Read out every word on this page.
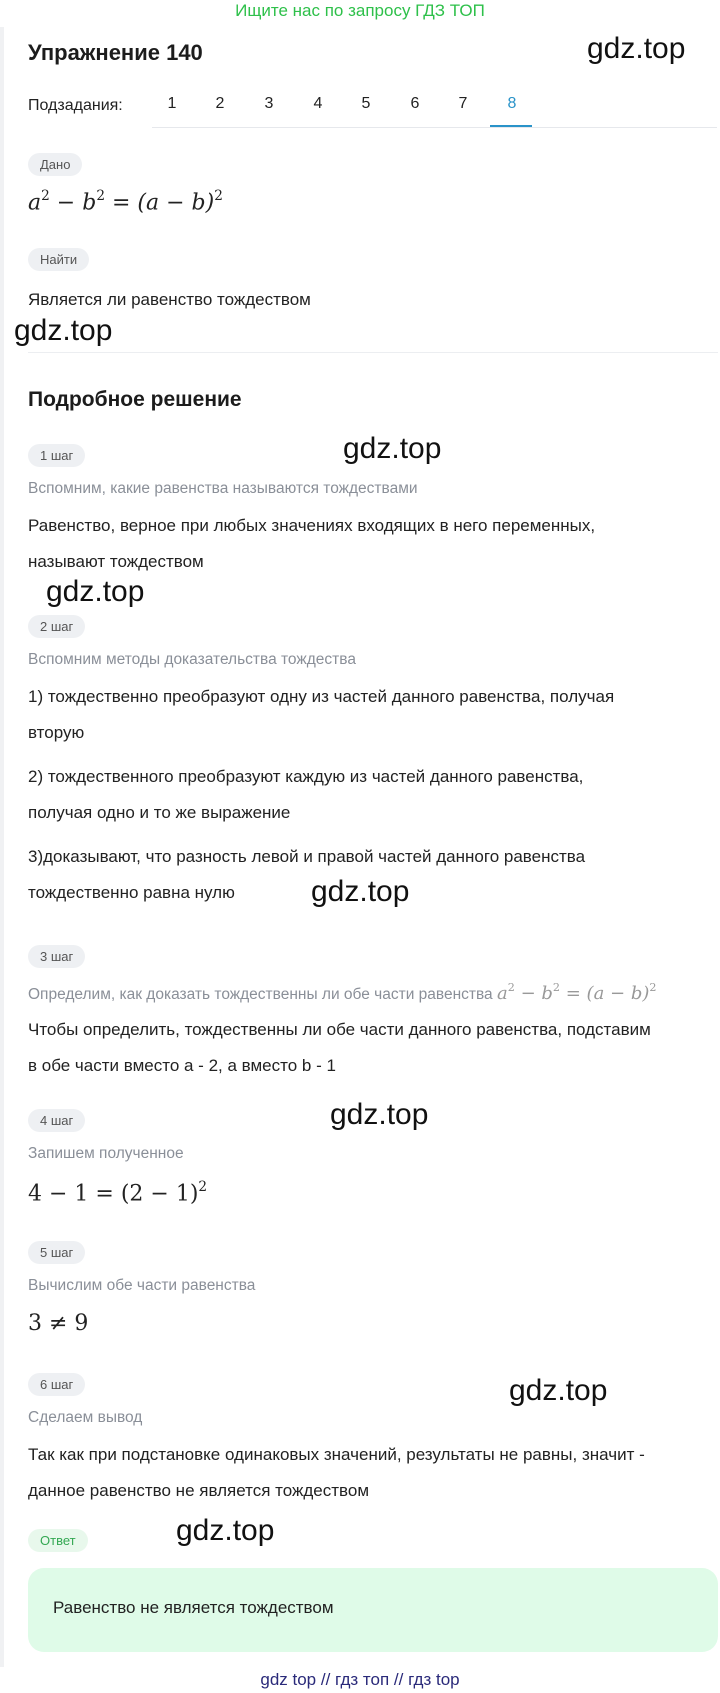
Ищите нас по запросу ГДЗ ТОП
Упражнение 140	gdz.top
Подзадания:	1	2	3	4	5	6	7	8
Дано
$a^2 - b^2 = (a - b)^2$
Найти
Является ли равенство тождеством
gdz.top
Подробное решение
gdz.top
1 шаг
Вспомним, какие равенства называются тождествами
Равенство, верное при любых значениях входящих в него переменных,
называют тождеством
gdz.top
2 шаг
Вспомним методы доказательства тождества
1) тождественно преобразуют одну из частей данного равенства, получая
вторую
2) тождественного преобразуют каждую из частей данного равенства,
получая одно и то же выражение
3)доказывают, что разность левой и правой частей данного равенства
тождественно равна нулю	gdz.top
3 шаг
Определим, как доказать тождественны ли обе части равенства $a^2 - b^2 = (a - b)^2$
Чтобы определить, тождественны ли обе части данного равенства, подставим
в обе части вместо а - 2, а вместо b - 1
gdz.top
4 шаг
Запишем полученное
$4 - 1 = (2 - 1)^2$
5 шаг
Вычислим обе части равенства
3 ≠ 9
gdz.top
6 шаг
Сделаем вывод
Так как при подстановке одинаковых значений, результаты не равны, значит -
данное равенство не является тождеством
gdz.top
Ответ
Равенство не является тождеством
gdz top // гдз топ // гдз top
